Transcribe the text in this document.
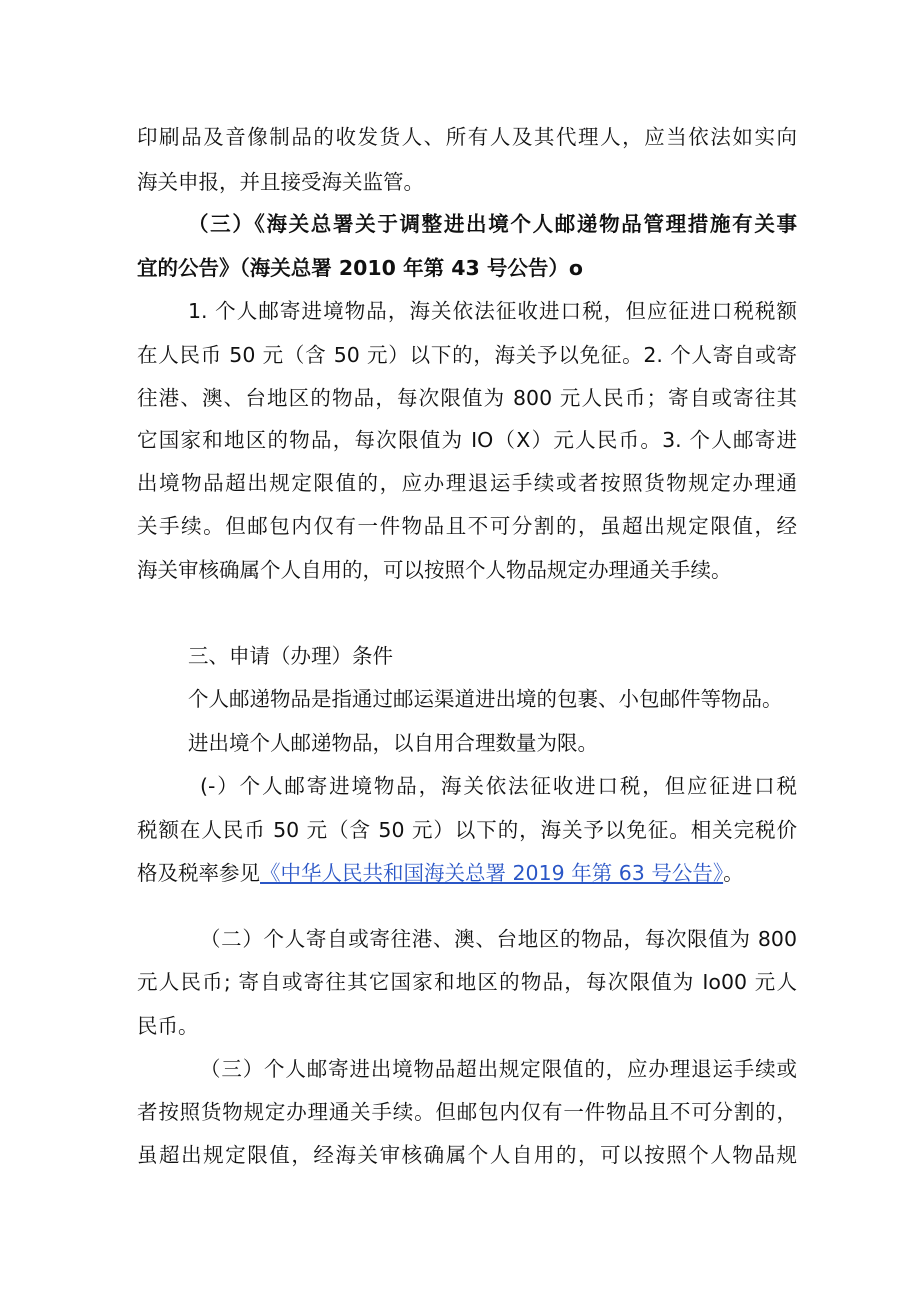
印刷品及音像制品的收发货人、所有人及其代理人，应当依法如实向
海关申报，并且接受海关监管。
（三）《海关总署关于调整进出境个人邮递物品管理措施有关事
宜的公告》（海关总署 2010 年第 43 号公告）o
1. 个人邮寄进境物品，海关依法征收进口税，但应征进口税税额
在人民币 50 元（含 50 元）以下的，海关予以免征。2. 个人寄自或寄
往港、澳、台地区的物品，每次限值为 800 元人民币；寄自或寄往其
它国家和地区的物品，每次限值为 IO（X）元人民币。3. 个人邮寄进
出境物品超出规定限值的，应办理退运手续或者按照货物规定办理通
关手续。但邮包内仅有一件物品且不可分割的，虽超出规定限值，经
海关审核确属个人自用的，可以按照个人物品规定办理通关手续。
三、申请（办理）条件
个人邮递物品是指通过邮运渠道进出境的包裹、小包邮件等物品。
进出境个人邮递物品，以自用合理数量为限。
(-）个人邮寄进境物品，海关依法征收进口税，但应征进口税
税额在人民币 50 元（含 50 元）以下的，海关予以免征。相关完税价
格及税率参见《中华人民共和国海关总署 2019 年第 63 号公告》。
（二）个人寄自或寄往港、澳、台地区的物品，每次限值为 800
元人民币; 寄自或寄往其它国家和地区的物品，每次限值为 Io00 元人
民币。
（三）个人邮寄进出境物品超出规定限值的，应办理退运手续或
者按照货物规定办理通关手续。但邮包内仅有一件物品且不可分割的，
虽超出规定限值，经海关审核确属个人自用的，可以按照个人物品规
